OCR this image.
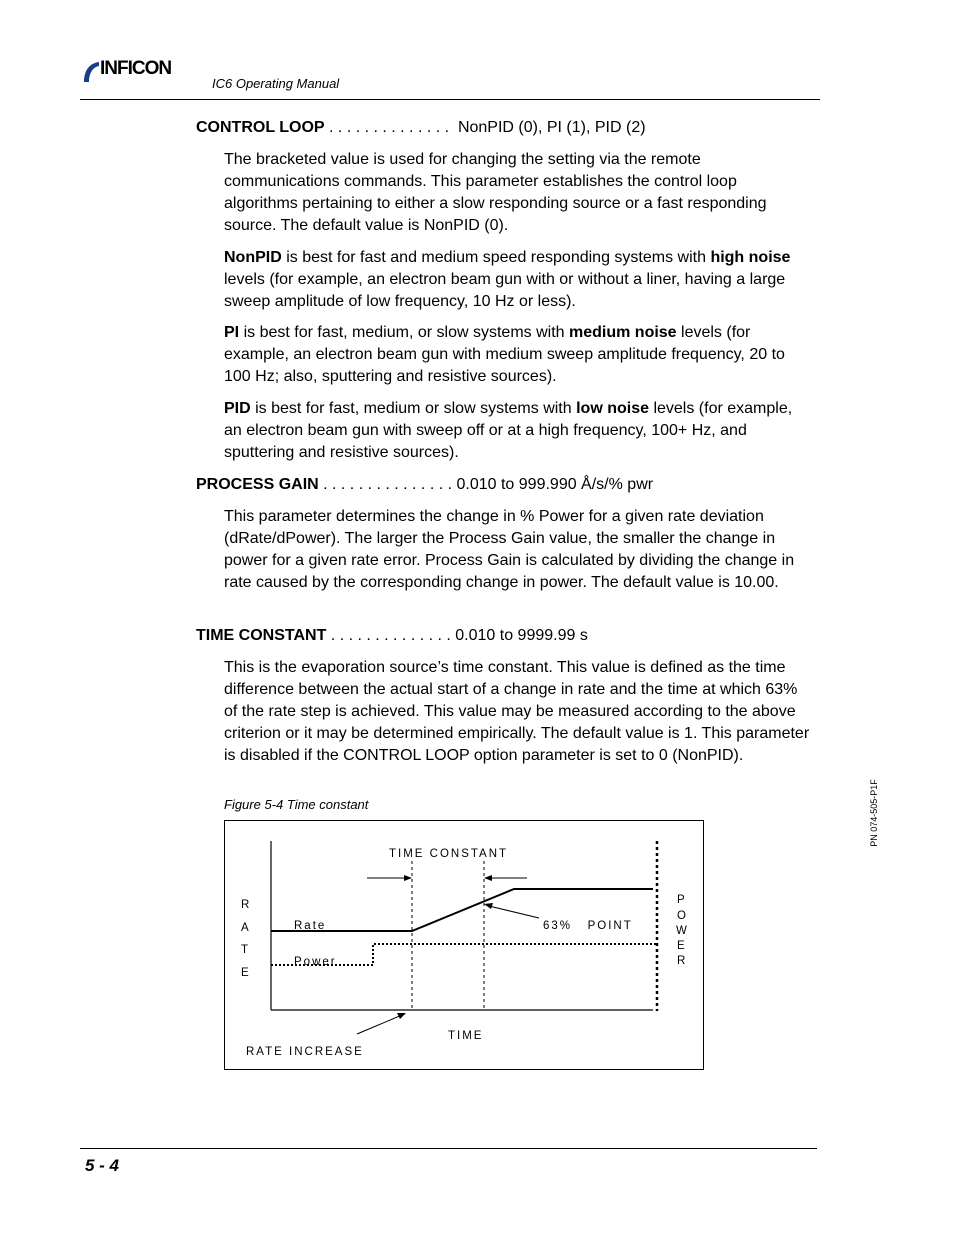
INFICON
IC6 Operating Manual
CONTROL LOOP . . . . . . . . . . . . . . NonPID (0), PI (1), PID (2)
The bracketed value is used for changing the setting via the remote communications commands. This parameter establishes the control loop algorithms pertaining to either a slow responding source or a fast responding source. The default value is NonPID (0).
NonPID is best for fast and medium speed responding systems with high noise levels (for example, an electron beam gun with or without a liner, having a large sweep amplitude of low frequency, 10 Hz or less).
PI is best for fast, medium, or slow systems with medium noise levels (for example, an electron beam gun with medium sweep amplitude frequency, 20 to 100 Hz; also, sputtering and resistive sources).
PID is best for fast, medium or slow systems with low noise levels (for example, an electron beam gun with sweep off or at a high frequency, 100+ Hz, and sputtering and resistive sources).
PROCESS GAIN . . . . . . . . . . . . . . . 0.010 to 999.990 Å/s/% pwr
This parameter determines the change in % Power for a given rate deviation (dRate/dPower). The larger the Process Gain value, the smaller the change in power for a given rate error. Process Gain is calculated by dividing the change in rate caused by the corresponding change in power. The default value is 10.00.
TIME CONSTANT . . . . . . . . . . . . . . 0.010 to 9999.99 s
This is the evaporation source’s time constant. This value is defined as the time difference between the actual start of a change in rate and the time at which 63% of the rate step is achieved. This value may be measured according to the above criterion or it may be determined empirically. The default value is 1. This parameter is disabled if the CONTROL LOOP option parameter is set to 0 (NonPID).
Figure 5-4 Time constant
TIME CONSTANT
63%   POINT
RATE INCREASE
Rate
Power
TIME
R
A
T
E
P
O
W
E
R
PN 074-505-P1F
5 - 4
